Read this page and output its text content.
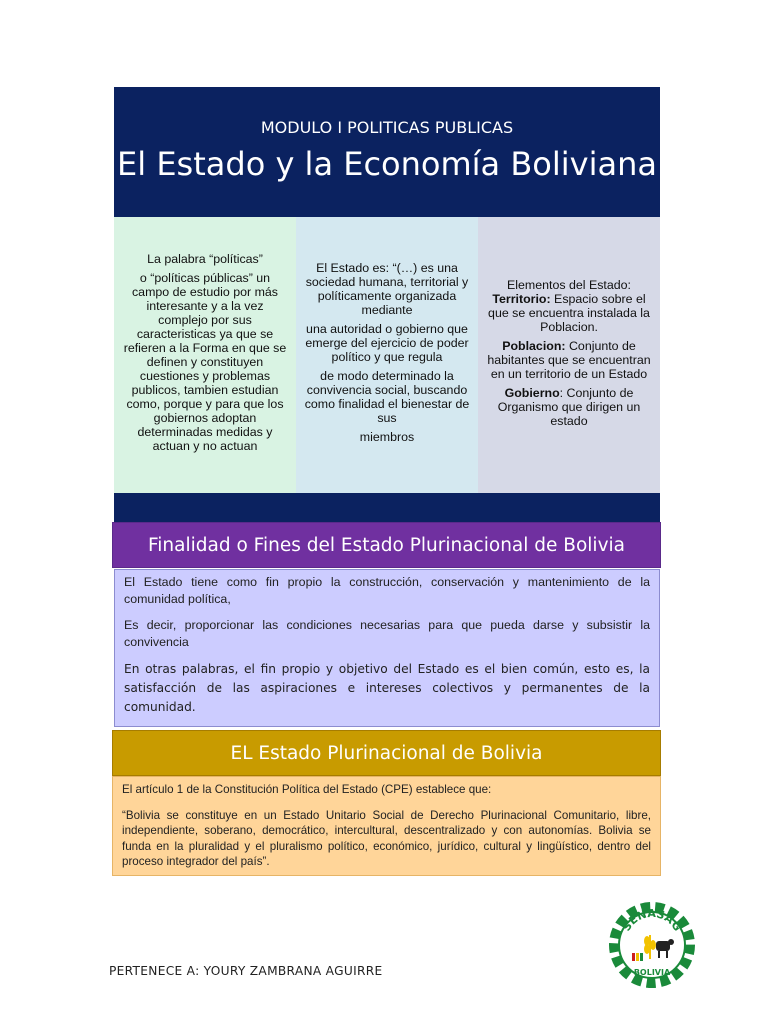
MODULO I POLITICAS PUBLICAS
El Estado y la Economía Boliviana

La palabra “políticas”

o “políticas públicas” un campo de estudio por más interesante y a la vez complejo por sus caracteristicas ya que se refieren a la Forma en que se definen y constituyen cuestiones y problemas publicos, tambien estudian como, porque y para que los gobiernos adoptan determinadas medidas y actuan y no actuan

El Estado es: “(…) es una sociedad humana, territorial y políticamente organizada mediante

una autoridad o gobierno que emerge del ejercicio de poder político y que regula

de modo determinado la convivencia social, buscando como finalidad el bienestar de sus

miembros

Elementos del Estado:
Territorio: Espacio sobre el que se encuentra instalada la Poblacion.

Poblacion: Conjunto de habitantes que se encuentran en un territorio de un Estado

Gobierno: Conjunto de Organismo que dirigen un estado

Finalidad o Fines del Estado Plurinacional de Bolivia

El Estado tiene como fin propio la construcción, conservación y mantenimiento de la comunidad política,

Es decir, proporcionar las condiciones necesarias para que pueda darse y subsistir la convivencia

En otras palabras, el fin propio y objetivo del Estado es el bien común, esto es, la satisfacción de las aspiraciones e intereses colectivos y permanentes de la comunidad.

EL Estado Plurinacional de Bolivia

El artículo 1 de la Constitución Política del Estado (CPE) establece que:

“Bolivia se constituye en un Estado Unitario Social de Derecho Plurinacional Comunitario, libre, independiente, soberano, democrático, intercultural, descentralizado y con autonomías. Bolivia se funda en la pluralidad y el pluralismo político, económico, jurídico, cultural y lingüístico, dentro del proceso integrador del país”.

PERTENECE A: YOURY ZAMBRANA AGUIRRE
SENASAG
BOLIVIA
